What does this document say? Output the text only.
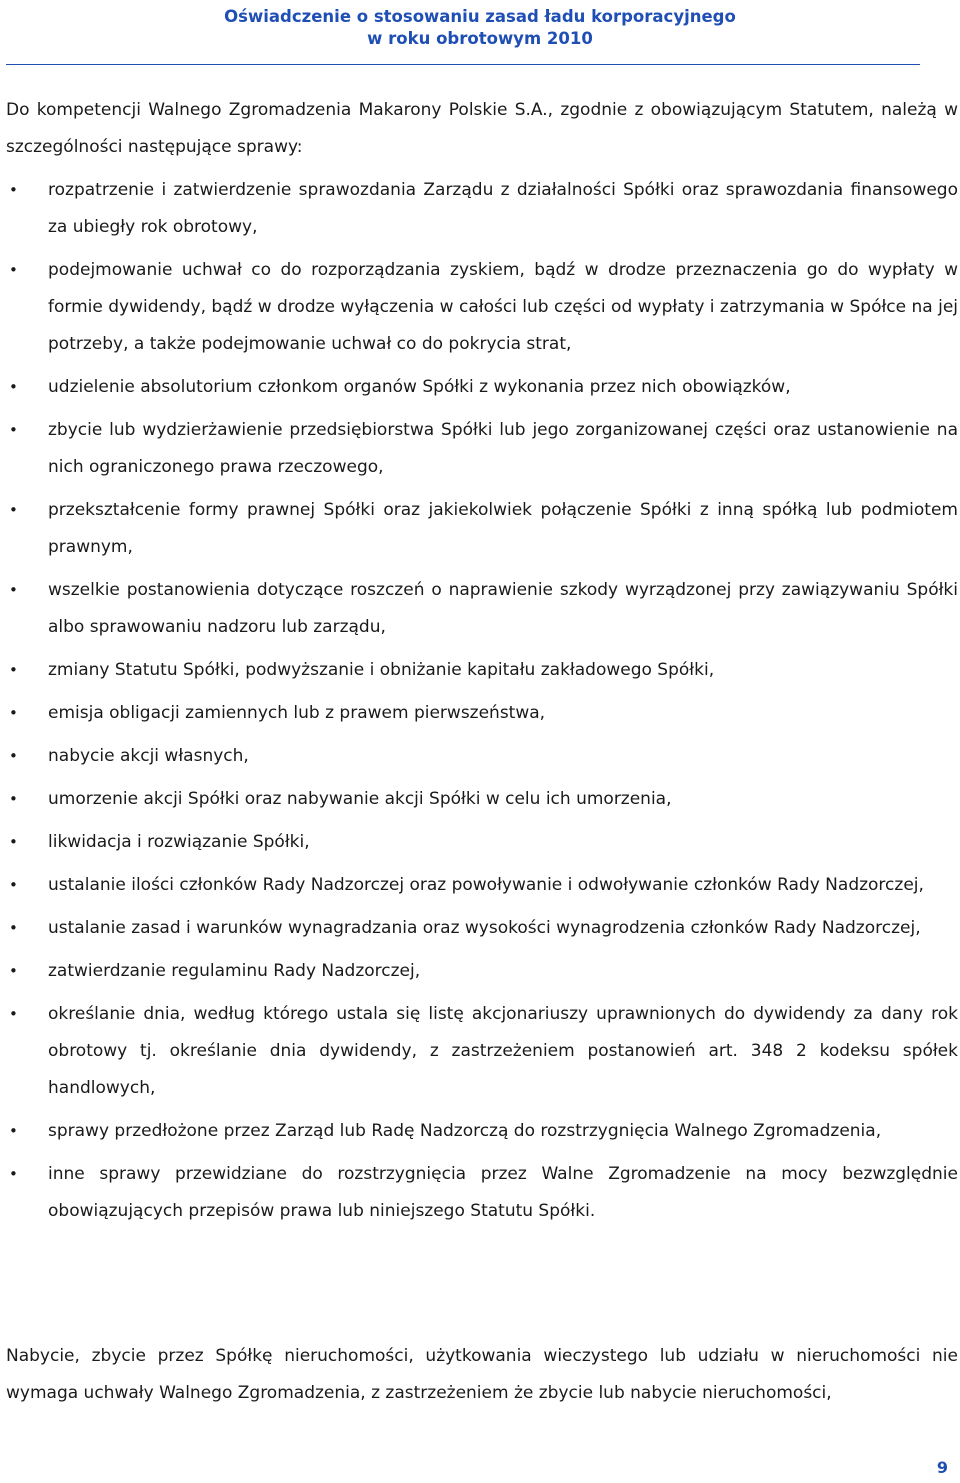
Oświadczenie o stosowaniu zasad ładu korporacyjnego
w roku obrotowym 2010

Do kompetencji Walnego Zgromadzenia Makarony Polskie S.A., zgodnie z obowiązującym Statutem, należą w szczególności następujące sprawy:

• rozpatrzenie i zatwierdzenie sprawozdania Zarządu z działalności Spółki oraz sprawozdania finansowego za ubiegły rok obrotowy,
• podejmowanie uchwał co do rozporządzania zyskiem, bądź w drodze przeznaczenia go do wypłaty w formie dywidendy, bądź w drodze wyłączenia w całości lub części od wypłaty i zatrzymania w Spółce na jej potrzeby, a także podejmowanie uchwał co do pokrycia strat,
• udzielenie absolutorium członkom organów Spółki z wykonania przez nich obowiązków,
• zbycie lub wydzierżawienie przedsiębiorstwa Spółki lub jego zorganizowanej części oraz ustanowienie na nich ograniczonego prawa rzeczowego,
• przekształcenie formy prawnej Spółki oraz jakiekolwiek połączenie Spółki z inną spółką lub podmiotem prawnym,
• wszelkie postanowienia dotyczące roszczeń o naprawienie szkody wyrządzonej przy zawiązywaniu Spółki albo sprawowaniu nadzoru lub zarządu,
• zmiany Statutu Spółki, podwyższanie i obniżanie kapitału zakładowego Spółki,
• emisja obligacji zamiennych lub z prawem pierwszeństwa,
• nabycie akcji własnych,
• umorzenie akcji Spółki oraz nabywanie akcji Spółki w celu ich umorzenia,
• likwidacja i rozwiązanie Spółki,
• ustalanie ilości członków Rady Nadzorczej oraz powoływanie i odwoływanie członków Rady Nadzorczej,
• ustalanie zasad i warunków wynagradzania oraz wysokości wynagrodzenia członków Rady Nadzorczej,
• zatwierdzanie regulaminu Rady Nadzorczej,
• określanie dnia, według którego ustala się listę akcjonariuszy uprawnionych do dywidendy za dany rok obrotowy tj. określanie dnia dywidendy, z zastrzeżeniem postanowień art. 348 2 kodeksu spółek handlowych,
• sprawy przedłożone przez Zarząd lub Radę Nadzorczą do rozstrzygnięcia Walnego Zgromadzenia,
• inne sprawy przewidziane do rozstrzygnięcia przez Walne Zgromadzenie na mocy bezwzględnie obowiązujących przepisów prawa lub niniejszego Statutu Spółki.

Nabycie, zbycie przez Spółkę nieruchomości, użytkowania wieczystego lub udziału w nieruchomości nie wymaga uchwały Walnego Zgromadzenia, z zastrzeżeniem że zbycie lub nabycie nieruchomości,

9
